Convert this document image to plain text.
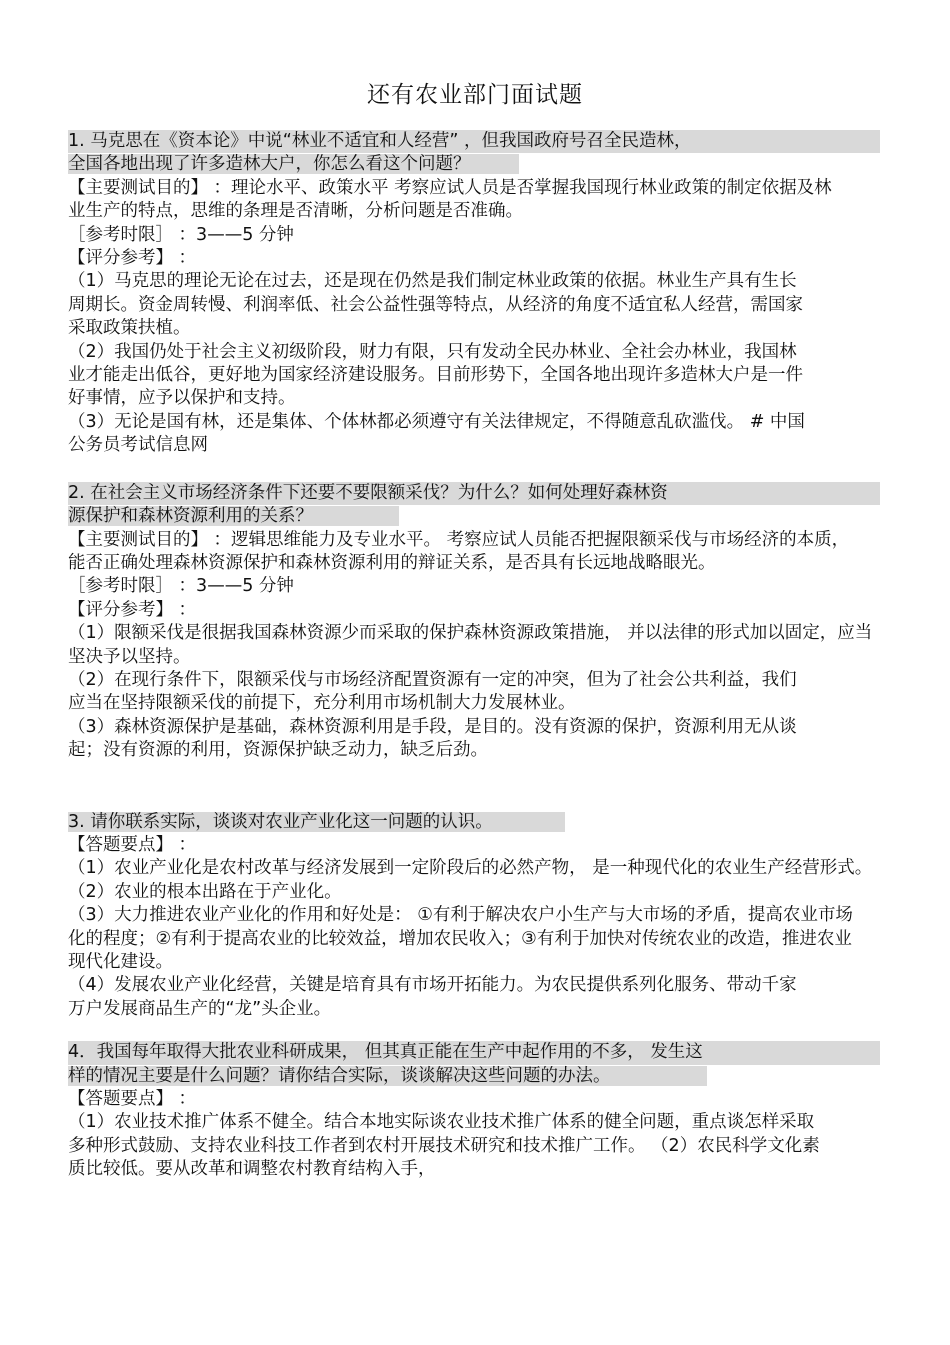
还有农业部门面试题
1. 马克思在《资本论》中说“林业不适宜和人经营” ，但我国政府号召全民造林，
全国各地出现了许多造林大户，你怎么看这个问题？

【主要测试目的】 ：理论水平、政策水平 考察应试人员是否掌握我国现行林业政策的制定依据及林业生产的特点，思维的条理是否清晰，分析问题是否准确。

［参考时限］ ：3——5 分钟

【评分参考】 ：

（1）马克思的理论无论在过去，还是现在仍然是我们制定林业政策的依据。林业生产具有生长周期长。资金周转慢、利润率低、社会公益性强等特点，从经济的角度不适宜私人经营，需国家采取政策扶植。

（2）我国仍处于社会主义初级阶段，财力有限，只有发动全民办林业、全社会办林业，我国林业才能走出低谷，更好地为国家经济建设服务。目前形势下，全国各地出现许多造林大户是一件好事情，应予以保护和支持。

（3）无论是国有林，还是集体、个体林都必须遵守有关法律规定，不得随意乱砍滥伐。 # 中国公务员考试信息网

2. 在社会主义市场经济条件下还要不要限额采伐？为什么？如何处理好森林资
源保护和森林资源利用的关系？

【主要测试目的】 ：逻辑思维能力及专业水平。 考察应试人员能否把握限额采伐与市场经济的本质，能否正确处理森林资源保护和森林资源利用的辩证关系，是否具有长远地战略眼光。

［参考时限］ ：3——5 分钟

【评分参考】 ：

（1）限额采伐是很据我国森林资源少而采取的保护森林资源政策措施， 并以法律的形式加以固定，应当坚决予以坚持。

（2）在现行条件下，限额采伐与市场经济配置资源有一定的冲突，但为了社会公共利益，我们应当在坚持限额采伐的前提下，充分利用市场机制大力发展林业。

（3）森林资源保护是基础，森林资源利用是手段，是目的。没有资源的保护，资源利用无从谈起；没有资源的利用，资源保护缺乏动力，缺乏后劲。

3. 请你联系实际，谈谈对农业产业化这一问题的认识。

【答题要点】 ：

（1）农业产业化是农村改革与经济发展到一定阶段后的必然产物， 是一种现代化的农业生产经营形式。

（2）农业的根本出路在于产业化。

（3）大力推进农业产业化的作用和好处是： ①有利于解决农户小生产与大市场的矛盾，提高农业市场化的程度；②有利于提高农业的比较效益，增加农民收入；③有利于加快对传统农业的改造，推进农业现代化建设。

（4）发展农业产业化经营，关键是培育具有市场开拓能力。为农民提供系列化服务、带动千家万户发展商品生产的“龙”头企业。

4．我国每年取得大批农业科研成果， 但其真正能在生产中起作用的不多， 发生这
样的情况主要是什么问题？请你结合实际，谈谈解决这些问题的办法。

【答题要点】 ：

（1）农业技术推广体系不健全。结合本地实际谈农业技术推广体系的健全问题，重点谈怎样采取多种形式鼓励、支持农业科技工作者到农村开展技术研究和技术推广工作。 （2）农民科学文化素质比较低。要从改革和调整农村教育结构入手，
